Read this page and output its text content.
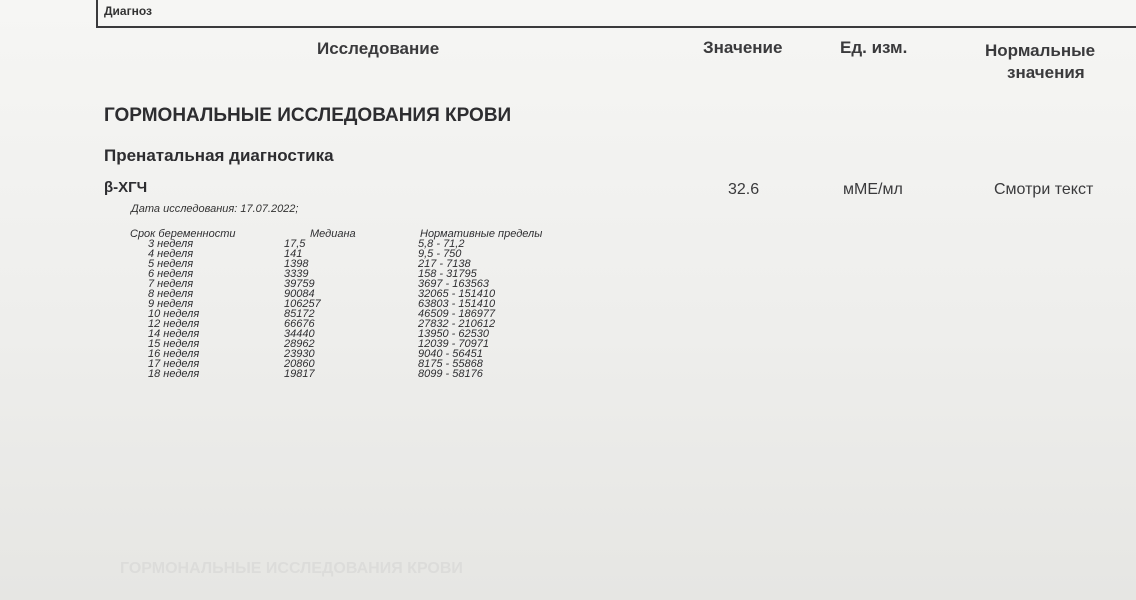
Диагноз
Исследование	Значение	Ед. изм.	Нормальные
значения
ГОРМОНАЛЬНЫЕ ИССЛЕДОВАНИЯ КРОВИ
Пренатальная диагностика
β-ХГЧ	32.6	мМЕ/мл	Смотри текст
Дата исследования: 17.07.2022;
Срок беременности	Медиана	Нормативные пределы
3 неделя	17,5	5,8 - 71,2
4 неделя	141	9,5 - 750
5 неделя	1398	217 - 7138
6 неделя	3339	158 - 31795
7 неделя	39759	3697 - 163563
8 неделя	90084	32065 - 151410
9 неделя	106257	63803 - 151410
10 неделя	85172	46509 - 186977
12 неделя	66676	27832 - 210612
14 неделя	34440	13950 - 62530
15 неделя	28962	12039 - 70971
16 неделя	23930	9040 - 56451
17 неделя	20860	8175 - 55868
18 неделя	19817	8099 - 58176
ГОРМОНАЛЬНЫЕ ИССЛЕДОВАНИЯ КРОВИ
